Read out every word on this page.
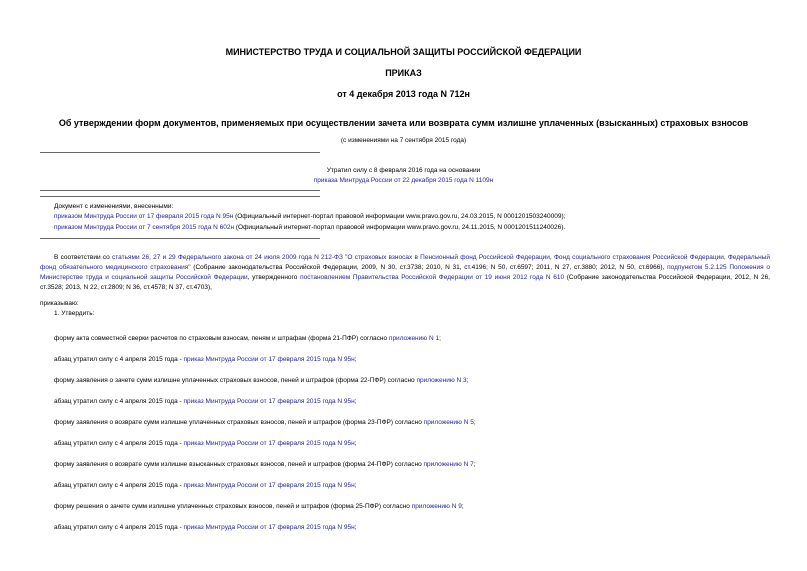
МИНИСТЕРСТВО ТРУДА И СОЦИАЛЬНОЙ ЗАЩИТЫ РОССИЙСКОЙ ФЕДЕРАЦИИ
ПРИКАЗ
от 4 декабря 2013 года N 712н
Об утверждении форм документов, применяемых при осуществлении зачета или возврата сумм излишне уплаченных (взысканных) страховых взносов
(с изменениями на 7 сентября 2015 года)
Утратил силу с 8 февраля 2016 года на основании
приказа Минтруда России от 22 декабря 2015 года N 1109н
Документ с изменениями, внесенными:
приказом Минтруда России от 17 февраля 2015 года N 95н (Официальный интернет-портал правовой информации www.pravo.gov.ru, 24.03.2015, N 0001201503240009);
приказом Минтруда России от 7 сентября 2015 года N 602н (Официальный интернет-портал правовой информации www.pravo.gov.ru, 24.11.2015, N 0001201511240026).
В соответствии со статьями 26, 27 и 29 Федерального закона от 24 июля 2009 года N 212-ФЗ "О страховых взносах в Пенсионный фонд Российской Федерации, Фонд социального страхования Российской Федерации, Федеральный фонд обязательного медицинского страхования" (Собрание законодательства Российской Федерации, 2009, N 30, ст.3738; 2010, N 31, ст.4196; N 50, ст.6597; 2011, N 27, ст.3880; 2012, N 50, ст.6966), подпунктом 5.2.125 Положения о Министерстве труда и социальной защиты Российской Федерации, утвержденного постановлением Правительства Российской Федерации от 19 июня 2012 года N 610 (Собрание законодательства Российской Федерации, 2012, N 26, ст.3528; 2013, N 22, ст.2809; N 36, ст.4578; N 37, ст.4703),
приказываю:
1. Утвердить:
форму акта совместной сверки расчетов по страховым взносам, пеням и штрафам (форма 21-ПФР) согласно приложению N 1;
абзац утратил силу с 4 апреля 2015 года - приказ Минтруда России от 17 февраля 2015 года N 95н;
форму заявления о зачете сумм излишне уплаченных страховых взносов, пеней и штрафов (форма 22-ПФР) согласно приложению N 3;
абзац утратил силу с 4 апреля 2015 года - приказ Минтруда России от 17 февраля 2015 года N 95н;
форму заявления о возврате сумм излишне уплаченных страховых взносов, пеней и штрафов (форма 23-ПФР) согласно приложению N 5;
абзац утратил силу с 4 апреля 2015 года - приказ Минтруда России от 17 февраля 2015 года N 95н;
форму заявления о возврате сумм излишне взысканных страховых взносов, пеней и штрафов (форма 24-ПФР) согласно приложению N 7;
абзац утратил силу с 4 апреля 2015 года - приказ Минтруда России от 17 февраля 2015 года N 95н;
форму решения о зачете сумм излишне уплаченных страховых взносов, пеней и штрафов (форма 25-ПФР) согласно приложению N 9;
абзац утратил силу с 4 апреля 2015 года - приказ Минтруда России от 17 февраля 2015 года N 95н;
